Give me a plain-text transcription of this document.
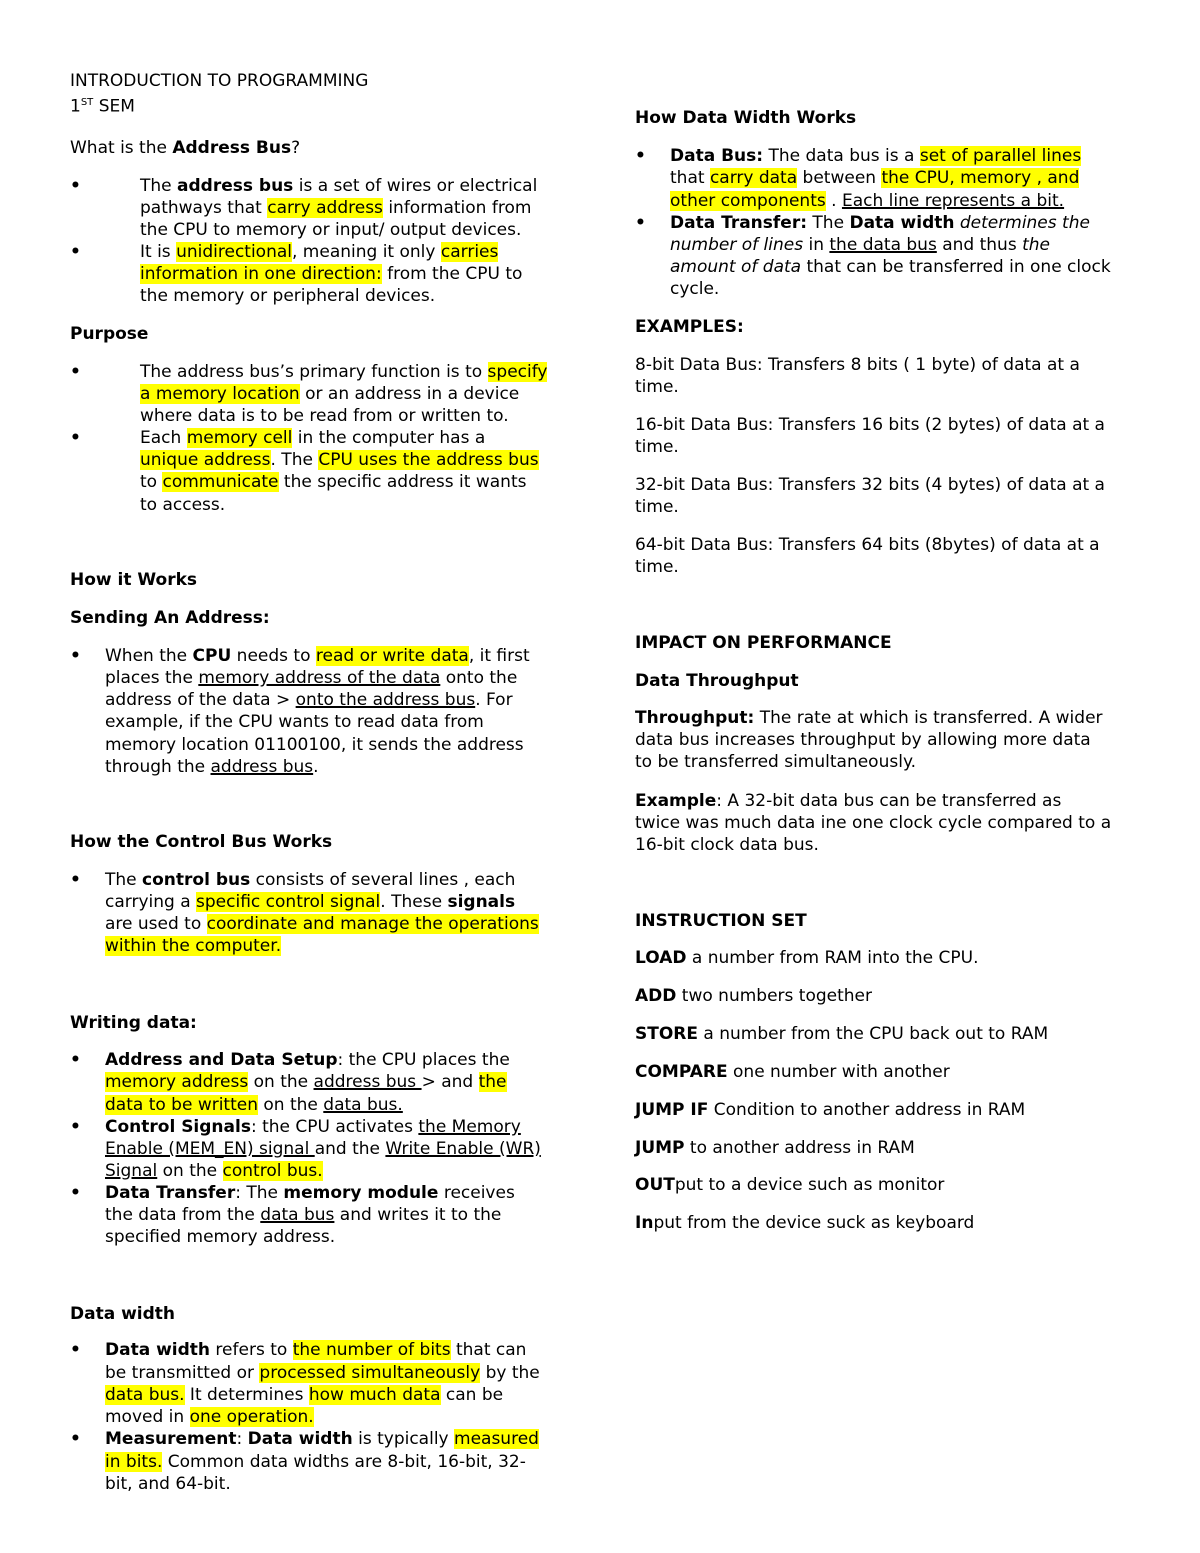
INTRODUCTION TO PROGRAMMING
1ST SEM
What is the Address Bus?
•	The address bus is a set of wires or electrical
pathways that carry address information from
the CPU to memory or input/ output devices.
•	It is unidirectional, meaning it only carries
information in one direction: from the CPU to
the memory or peripheral devices.
Purpose
•	The address bus’s primary function is to specify
a memory location or an address in a device
where data is to be read from or written to.
•	Each memory cell in the computer has a
unique address. The CPU uses the address bus
to communicate the specific address it wants
to access.
How it Works
Sending An Address:
• When the CPU needs to read or write data, it first
places the memory address of the data onto the
address of the data > onto the address bus. For
example, if the CPU wants to read data from
memory location 01100100, it sends the address
through the address bus.
How the Control Bus Works
• The control bus consists of several lines , each
carrying a specific control signal. These signals
are used to coordinate and manage the operations
within the computer.
Writing data:
• Address and Data Setup: the CPU places the
memory address on the address bus > and the
data to be written on the data bus.
• Control Signals: the CPU activates the Memory
Enable (MEM_EN) signal and the Write Enable (WR)
Signal on the control bus.
• Data Transfer: The memory module receives
the data from the data bus and writes it to the
specified memory address.
Data width
• Data width refers to the number of bits that can
be transmitted or processed simultaneously by the
data bus. It determines how much data can be
moved in one operation.
• Measurement: Data width is typically measured
in bits. Common data widths are 8-bit, 16-bit, 32-
bit, and 64-bit.
How Data Width Works
• Data Bus: The data bus is a set of parallel lines
that carry data between the CPU, memory , and
other components . Each line represents a bit.
• Data Transfer: The Data width determines the
number of lines in the data bus and thus the
amount of data that can be transferred in one clock
cycle.
EXAMPLES:
8-bit Data Bus: Transfers 8 bits ( 1 byte) of data at a
time.
16-bit Data Bus: Transfers 16 bits (2 bytes) of data at a
time.
32-bit Data Bus: Transfers 32 bits (4 bytes) of data at a
time.
64-bit Data Bus: Transfers 64 bits (8bytes) of data at a
time.
IMPACT ON PERFORMANCE
Data Throughput
Throughput: The rate at which is transferred. A wider
data bus increases throughput by allowing more data
to be transferred simultaneously.
Example: A 32-bit data bus can be transferred as
twice was much data ine one clock cycle compared to a
16-bit clock data bus.
INSTRUCTION SET
LOAD a number from RAM into the CPU.
ADD two numbers together
STORE a number from the CPU back out to RAM
COMPARE one number with another
JUMP IF Condition to another address in RAM
JUMP to another address in RAM
OUTput to a device such as monitor
Input from the device suck as keyboard
